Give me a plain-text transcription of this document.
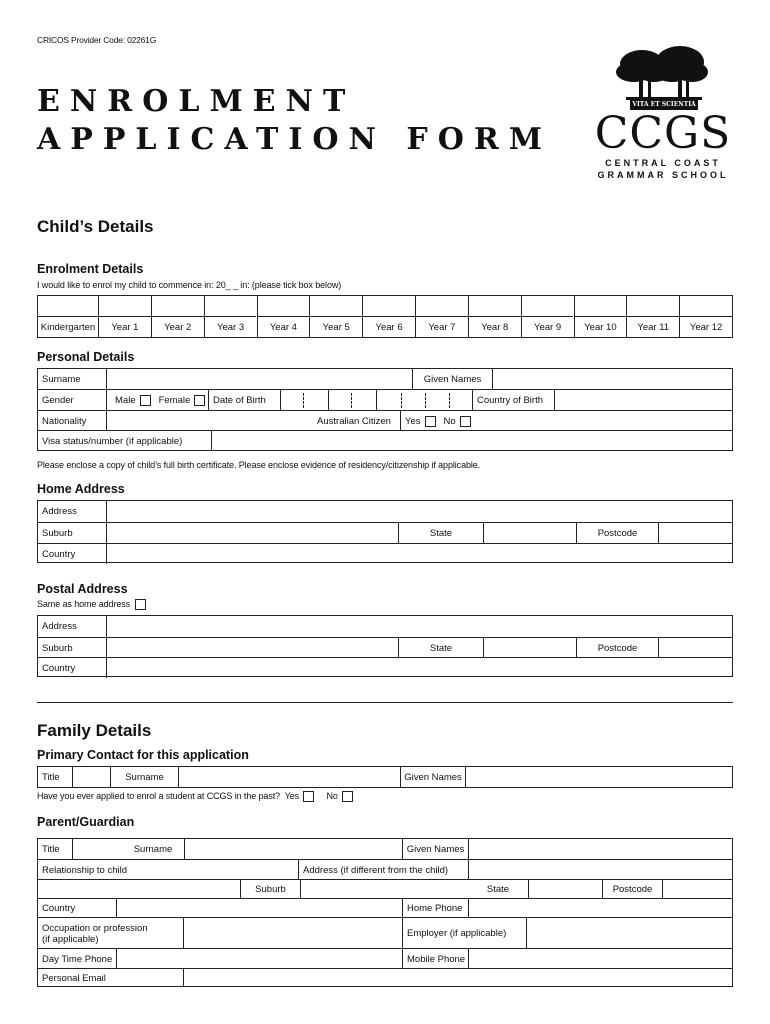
CRICOS Provider Code: 02261G
ENROLMENT
APPLICATION FORM
VITA ET SCIENTIA
CCGS
CENTRAL COAST
GRAMMAR SCHOOL
Child’s Details
Enrolment Details
I would like to enrol my child to commence in: 20_ _ in: (please tick box below)
Kindergarten	Year 1	Year 2	Year 3	Year 4	Year 5	Year 6	Year 7	Year 8	Year 9	Year 10	Year 11	Year 12
Personal Details
Surname	Given Names
Gender	Male Female	Date of Birth	Country of Birth
Nationality	Australian Citizen	Yes No
Visa status/number
(if applicable)
Please enclose a copy of child’s full birth certificate. Please enclose evidence of residency/citizenship if applicable.
Home Address
Address
Suburb	State	Postcode
Country
Postal Address
Same as home address
Address
Suburb	State	Postcode
Country
Family Details
Primary Contact for this application
Title	Surname	Given Names
Have you ever applied to enrol a student at CCGS in the past? Yes	No
Parent/Guardian
Title	Surname	Given Names
Relationship to child	Address
(if different from the child)
Suburb	State	Postcode
Country	Home Phone
Occupation or profession
(if applicable)	Employer
(if applicable)
Day Time Phone	Mobile Phone
Personal Email
